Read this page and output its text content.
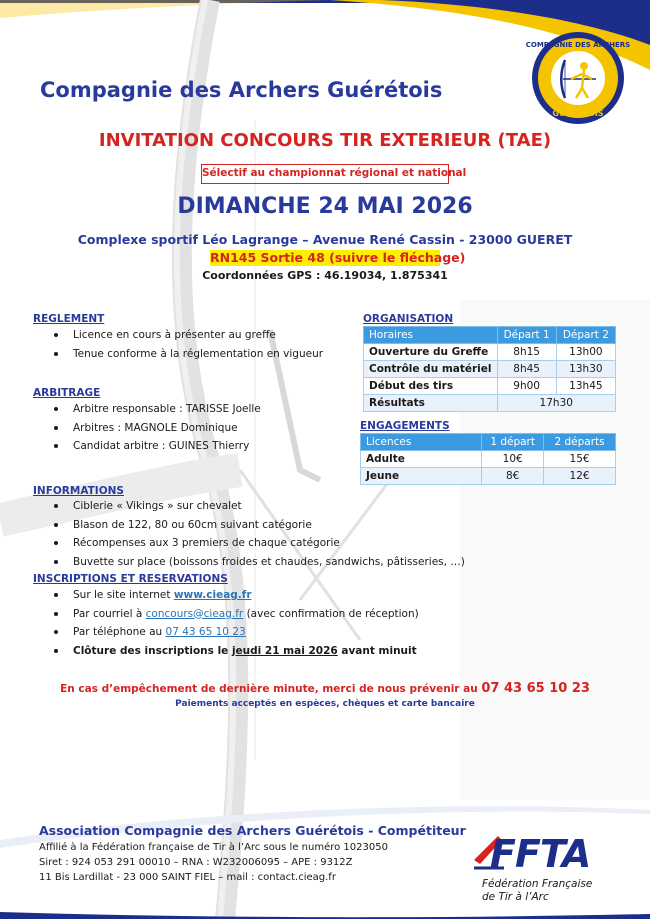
COMPAGNIE DES ARCHERS
GUERETOIS
Compagnie des Archers Guérétois
INVITATION CONCOURS TIR EXTERIEUR (TAE)
Sélectif au championnat régional et national
DIMANCHE 24 MAI 2026
Complexe sportif Léo Lagrange – Avenue René Cassin - 23000 GUERET
RN145 Sortie 48 (suivre le fléchage)
Coordonnées GPS : 46.19034, 1.875341
REGLEMENT
Licence en cours à présenter au greffe
Tenue conforme à la réglementation en vigueur
ARBITRAGE
Arbitre responsable : TARISSE Joelle
Arbitres : MAGNOLE Dominique
Candidat arbitre : GUINES Thierry
INFORMATIONS
Ciblerie « Vikings » sur chevalet
Blason de 122, 80 ou 60cm suivant catégorie
Récompenses aux 3 premiers de chaque catégorie
Buvette sur place (boissons froides et chaudes, sandwichs, pâtisseries, …)
INSCRIPTIONS ET RESERVATIONS
Sur le site internet www.cieag.fr
Par courriel à concours@cieag.fr (avec confirmation de réception)
Par téléphone au 07 43 65 10 23
Clôture des inscriptions le jeudi 21 mai 2026 avant minuit
ORGANISATION
Horaires	Départ 1	Départ 2
Ouverture du Greffe	8h15	13h00
Contrôle du matériel	8h45	13h30
Début des tirs	9h00	13h45
Résultats	17h30	
ENGAGEMENTS
Licences	1 départ	2 départs
Adulte	10€	15€
Jeune	8€	12€
En cas d’empêchement de dernière minute, merci de nous prévenir au 07 43 65 10 23
Paiements acceptés en espèces, chèques et carte bancaire
Association Compagnie des Archers Guérétois - Compétiteur
Affilié à la Fédération française de Tir à l’Arc sous le numéro 1023050
Siret : 924 053 291 00010 – RNA : W232006095 – APE : 9312Z
11 Bis Lardillat - 23 000 SAINT FIEL – mail : contact.cieag.fr
FFTA
Fédération Française
de Tir à l’Arc
